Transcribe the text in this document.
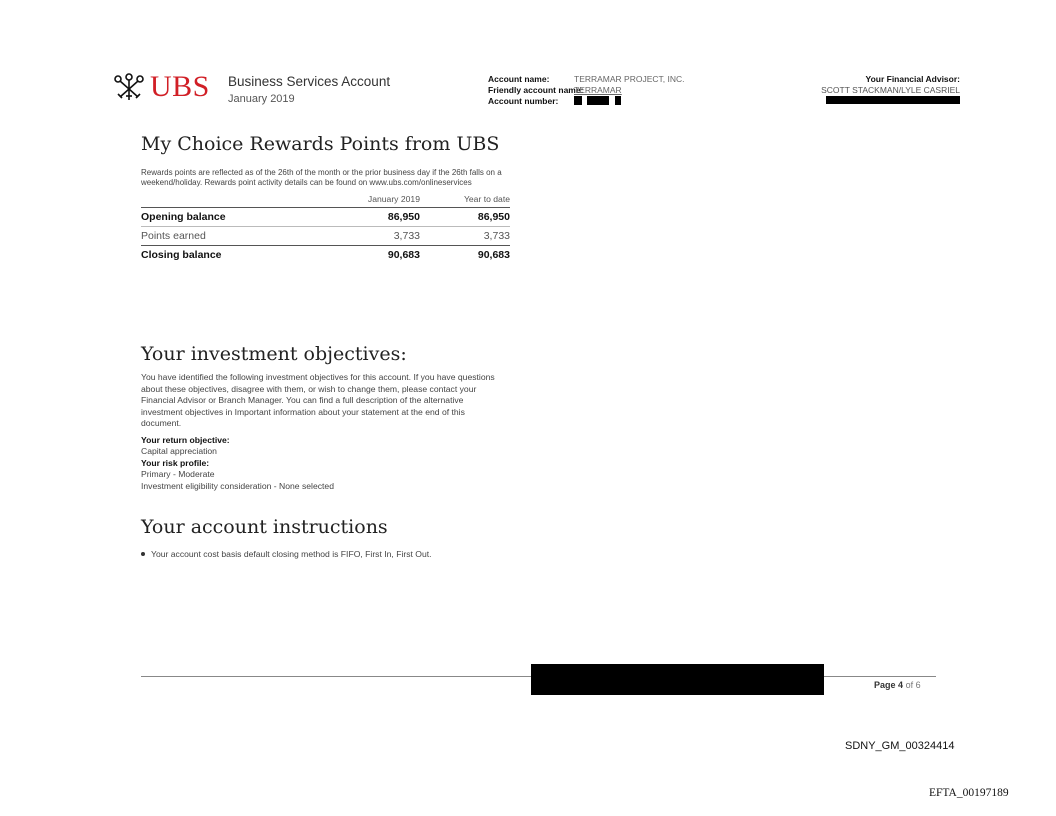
UBS Business Services Account
January 2019
Account name:	TERRAMAR PROJECT, INC.
Friendly account name:
TERRAMAR
Account number:

Your Financial Advisor:
SCOTT STACKMAN/LYLE CASRIEL
My Choice Rewards Points from UBS
Rewards points are reflected as of the 26th of the month or the prior business day if the 26th falls on a
weekend/holiday. Rewards point activity details can be found on www.ubs.com/onlineservices
	January 2019	Year to date
Opening balance	86,950	86,950
Points earned	3,733	3,733
Closing balance	90,683	90,683
Your investment objectives:
You have identified the following investment objectives for this account. If you have questions
about these objectives, disagree with them, or wish to change them, please contact your
Financial Advisor or Branch Manager. You can find a full description of the alternative
investment objectives in Important information about your statement at the end of this
document.
Your return objective:
Capital appreciation
Your risk profile:
Primary - Moderate
Investment eligibility consideration - None selected
Your account instructions
Your account cost basis default closing method is FIFO, First In, First Out.
Page 4 of 6
SDNY_GM_00324414
EFTA_00197189
